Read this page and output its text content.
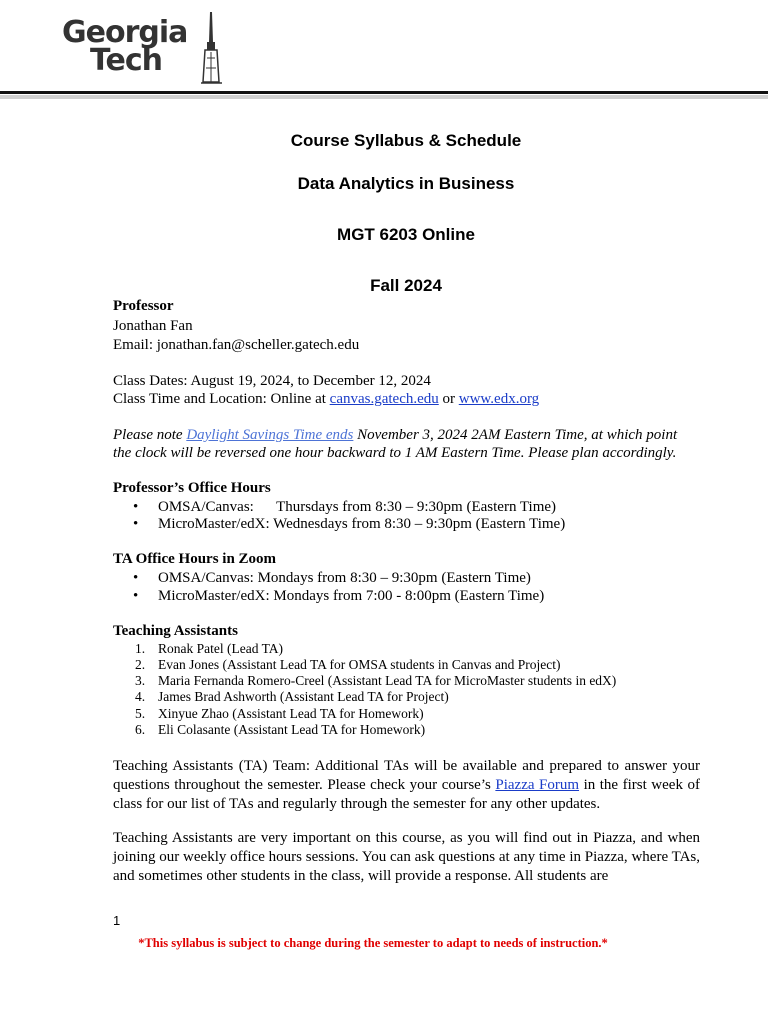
Georgia
Tech
Course Syllabus & Schedule
Data Analytics in Business
MGT 6203 Online
Fall 2024
Professor
Jonathan Fan
Email: jonathan.fan@scheller.gatech.edu
Class Dates: August 19, 2024, to December 12, 2024
Class Time and Location: Online at canvas.gatech.edu or www.edx.org
Please note Daylight Savings Time ends November 3, 2024 2AM Eastern Time, at which point
the clock will be reversed one hour backward to 1 AM Eastern Time. Please plan accordingly.
Professor’s Office Hours
• OMSA/Canvas:      Thursdays from 8:30 – 9:30pm (Eastern Time)
• MicroMaster/edX: Wednesdays from 8:30 – 9:30pm (Eastern Time)
TA Office Hours in Zoom
• OMSA/Canvas: Mondays from 8:30 – 9:30pm (Eastern Time)
• MicroMaster/edX: Mondays from 7:00 - 8:00pm (Eastern Time)
Teaching Assistants
1. Ronak Patel (Lead TA)
2. Evan Jones (Assistant Lead TA for OMSA students in Canvas and Project)
3. Maria Fernanda Romero-Creel (Assistant Lead TA for MicroMaster students in edX)
4. James Brad Ashworth (Assistant Lead TA for Project)
5. Xinyue Zhao (Assistant Lead TA for Homework)
6. Eli Colasante (Assistant Lead TA for Homework)
Teaching Assistants (TA) Team: Additional TAs will be available and prepared to answer your questions throughout the semester. Please check your course’s Piazza Forum in the first week of class for our list of TAs and regularly through the semester for any other updates.
Teaching Assistants are very important on this course, as you will find out in Piazza, and when joining our weekly office hours sessions. You can ask questions at any time in Piazza, where TAs, and sometimes other students in the class, will provide a response. All students are
1
*This syllabus is subject to change during the semester to adapt to needs of instruction.*
